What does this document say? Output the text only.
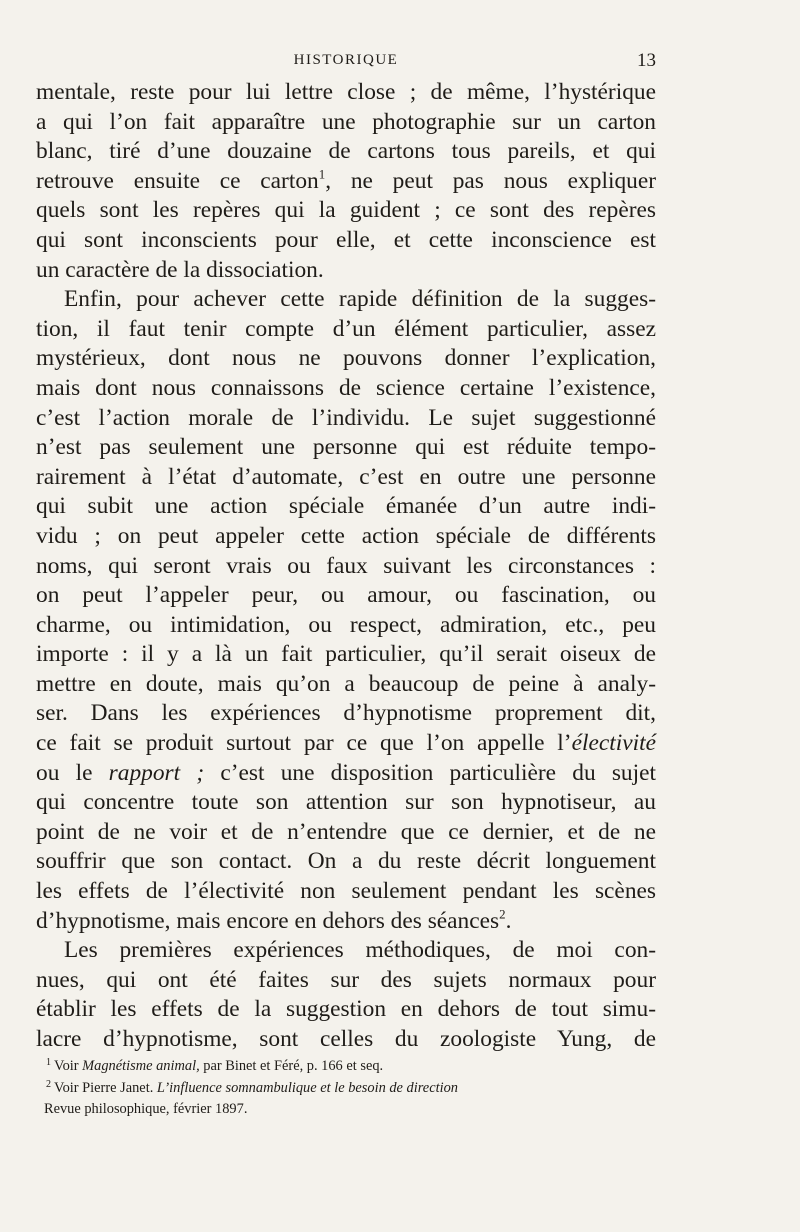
HISTORIQUE	13

mentale, reste pour lui lettre close ; de même, l’hystérique

a qui l’on fait apparaître une photographie sur un carton

blanc, tiré d’une douzaine de cartons tous pareils, et qui

retrouve ensuite ce carton$^1$, ne peut pas nous expliquer

quels sont les repères qui la guident ; ce sont des repères

qui sont inconscients pour elle, et cette inconscience est

un caractère de la dissociation.

Enfin, pour achever cette rapide définition de la sugges-

tion, il faut tenir compte d’un élément particulier, assez

mystérieux, dont nous ne pouvons donner l’explication,

mais dont nous connaissons de science certaine l’existence,

c’est l’action morale de l’individu. Le sujet suggestionné

n’est pas seulement une personne qui est réduite tempo-

rairement à l’état d’automate, c’est en outre une personne

qui subit une action spéciale émanée d’un autre indi-

vidu ; on peut appeler cette action spéciale de différents

noms, qui seront vrais ou faux suivant les circonstances :

on peut l’appeler peur, ou amour, ou fascination, ou

charme, ou intimidation, ou respect, admiration, etc., peu

importe : il y a là un fait particulier, qu’il serait oiseux de

mettre en doute, mais qu’on a beaucoup de peine à analy-

ser. Dans les expériences d’hypnotisme proprement dit,

ce fait se produit surtout par ce que l’on appelle l’électivité

ou le rapport ; c’est une disposition particulière du sujet

qui concentre toute son attention sur son hypnotiseur, au

point de ne voir et de n’entendre que ce dernier, et de ne

souffrir que son contact. On a du reste décrit longuement

les effets de l’électivité non seulement pendant les scènes

d’hypnotisme, mais encore en dehors des séances$^2$.

Les premières expériences méthodiques, de moi con-

nues, qui ont été faites sur des sujets normaux pour

établir les effets de la suggestion en dehors de tout simu-

lacre d’hypnotisme, sont celles du zoologiste Yung, de

$^1$ Voir Magnétisme animal, par Binet et Féré, p. 166 et seq.

$^2$ Voir Pierre Janet. L’influence somnambulique et le besoin de direction

Revue philosophique, février 1897.
